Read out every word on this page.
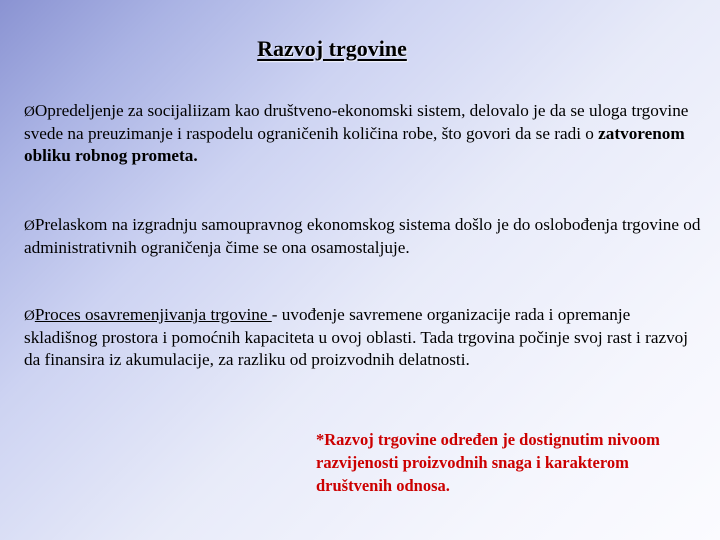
Razvoj trgovine
ØOpredeljenje za socijaliizam kao društveno-ekonomski sistem, delovalo je da se uloga trgovine svede na preuzimanje i raspodelu ograničenih količina robe, što govori da se radi o zatvorenom obliku robnog prometa.
ØPrelaskom na izgradnju samoupravnog ekonomskog sistema došlo je do oslobođenja trgovine od administrativnih ograničenja čime se ona osamostaljuje.
ØProces osavremenjivanja trgovine - uvođenje savremene organizacije rada i opremanje skladišnog prostora i pomoćnih kapaciteta u ovoj oblasti. Tada trgovina počinje svoj rast i razvoj da finansira iz akumulacije, za razliku od proizvodnih delatnosti.
*Razvoj trgovine određen je dostignutim nivoom razvijenosti proizvodnih snaga i karakterom društvenih odnosa.
